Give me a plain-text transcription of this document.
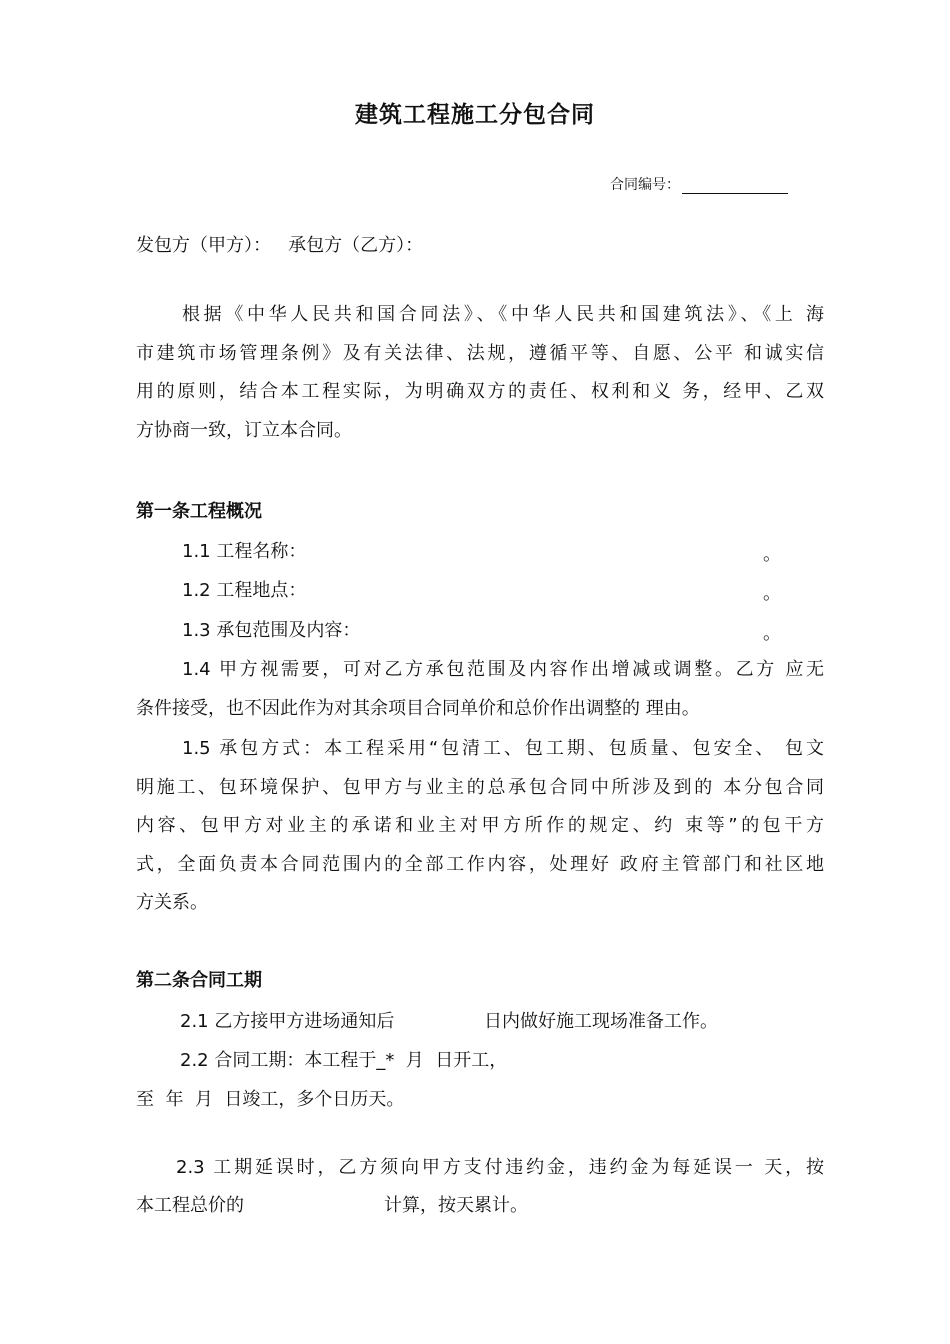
建筑工程施工分包合同
合同编号：
发包方（甲方）：   承包方（乙方）：
根据《中华人民共和国合同法》、《中华人民共和国建筑法》、《上 海
市建筑市场管理条例》及有关法律、法规，遵循平等、自愿、公平 和诚实信
用的原则，结合本工程实际，为明确双方的责任、权利和义 务，经甲、乙双
方协商一致，订立本合同。
第一条工程概况
1.1 工程名称：	。
1.2 工程地点：	。
1.3 承包范围及内容：	。
1.4 甲方视需要，可对乙方承包范围及内容作出增减或调整。乙方 应无
条件接受，也不因此作为对其余项目合同单价和总价作出调整的 理由。
1.5 承包方式：本工程采用“包清工、包工期、包质量、包安全、 包文
明施工、包环境保护、包甲方与业主的总承包合同中所涉及到的 本分包合同
内容、包甲方对业主的承诺和业主对甲方所作的规定、约 束等”的包干方
式，全面负责本合同范围内的全部工作内容，处理好 政府主管部门和社区地
方关系。
第二条合同工期
2.1 乙方接甲方进场通知后	日内做好施工现场准备工作。
2.2 合同工期：本工程于_*  月  日开工，
至  年  月  日竣工，多个日历天。
2.3 工期延误时，乙方须向甲方支付违约金，违约金为每延误一 天，按
本工程总价的	计算，按天累计。
